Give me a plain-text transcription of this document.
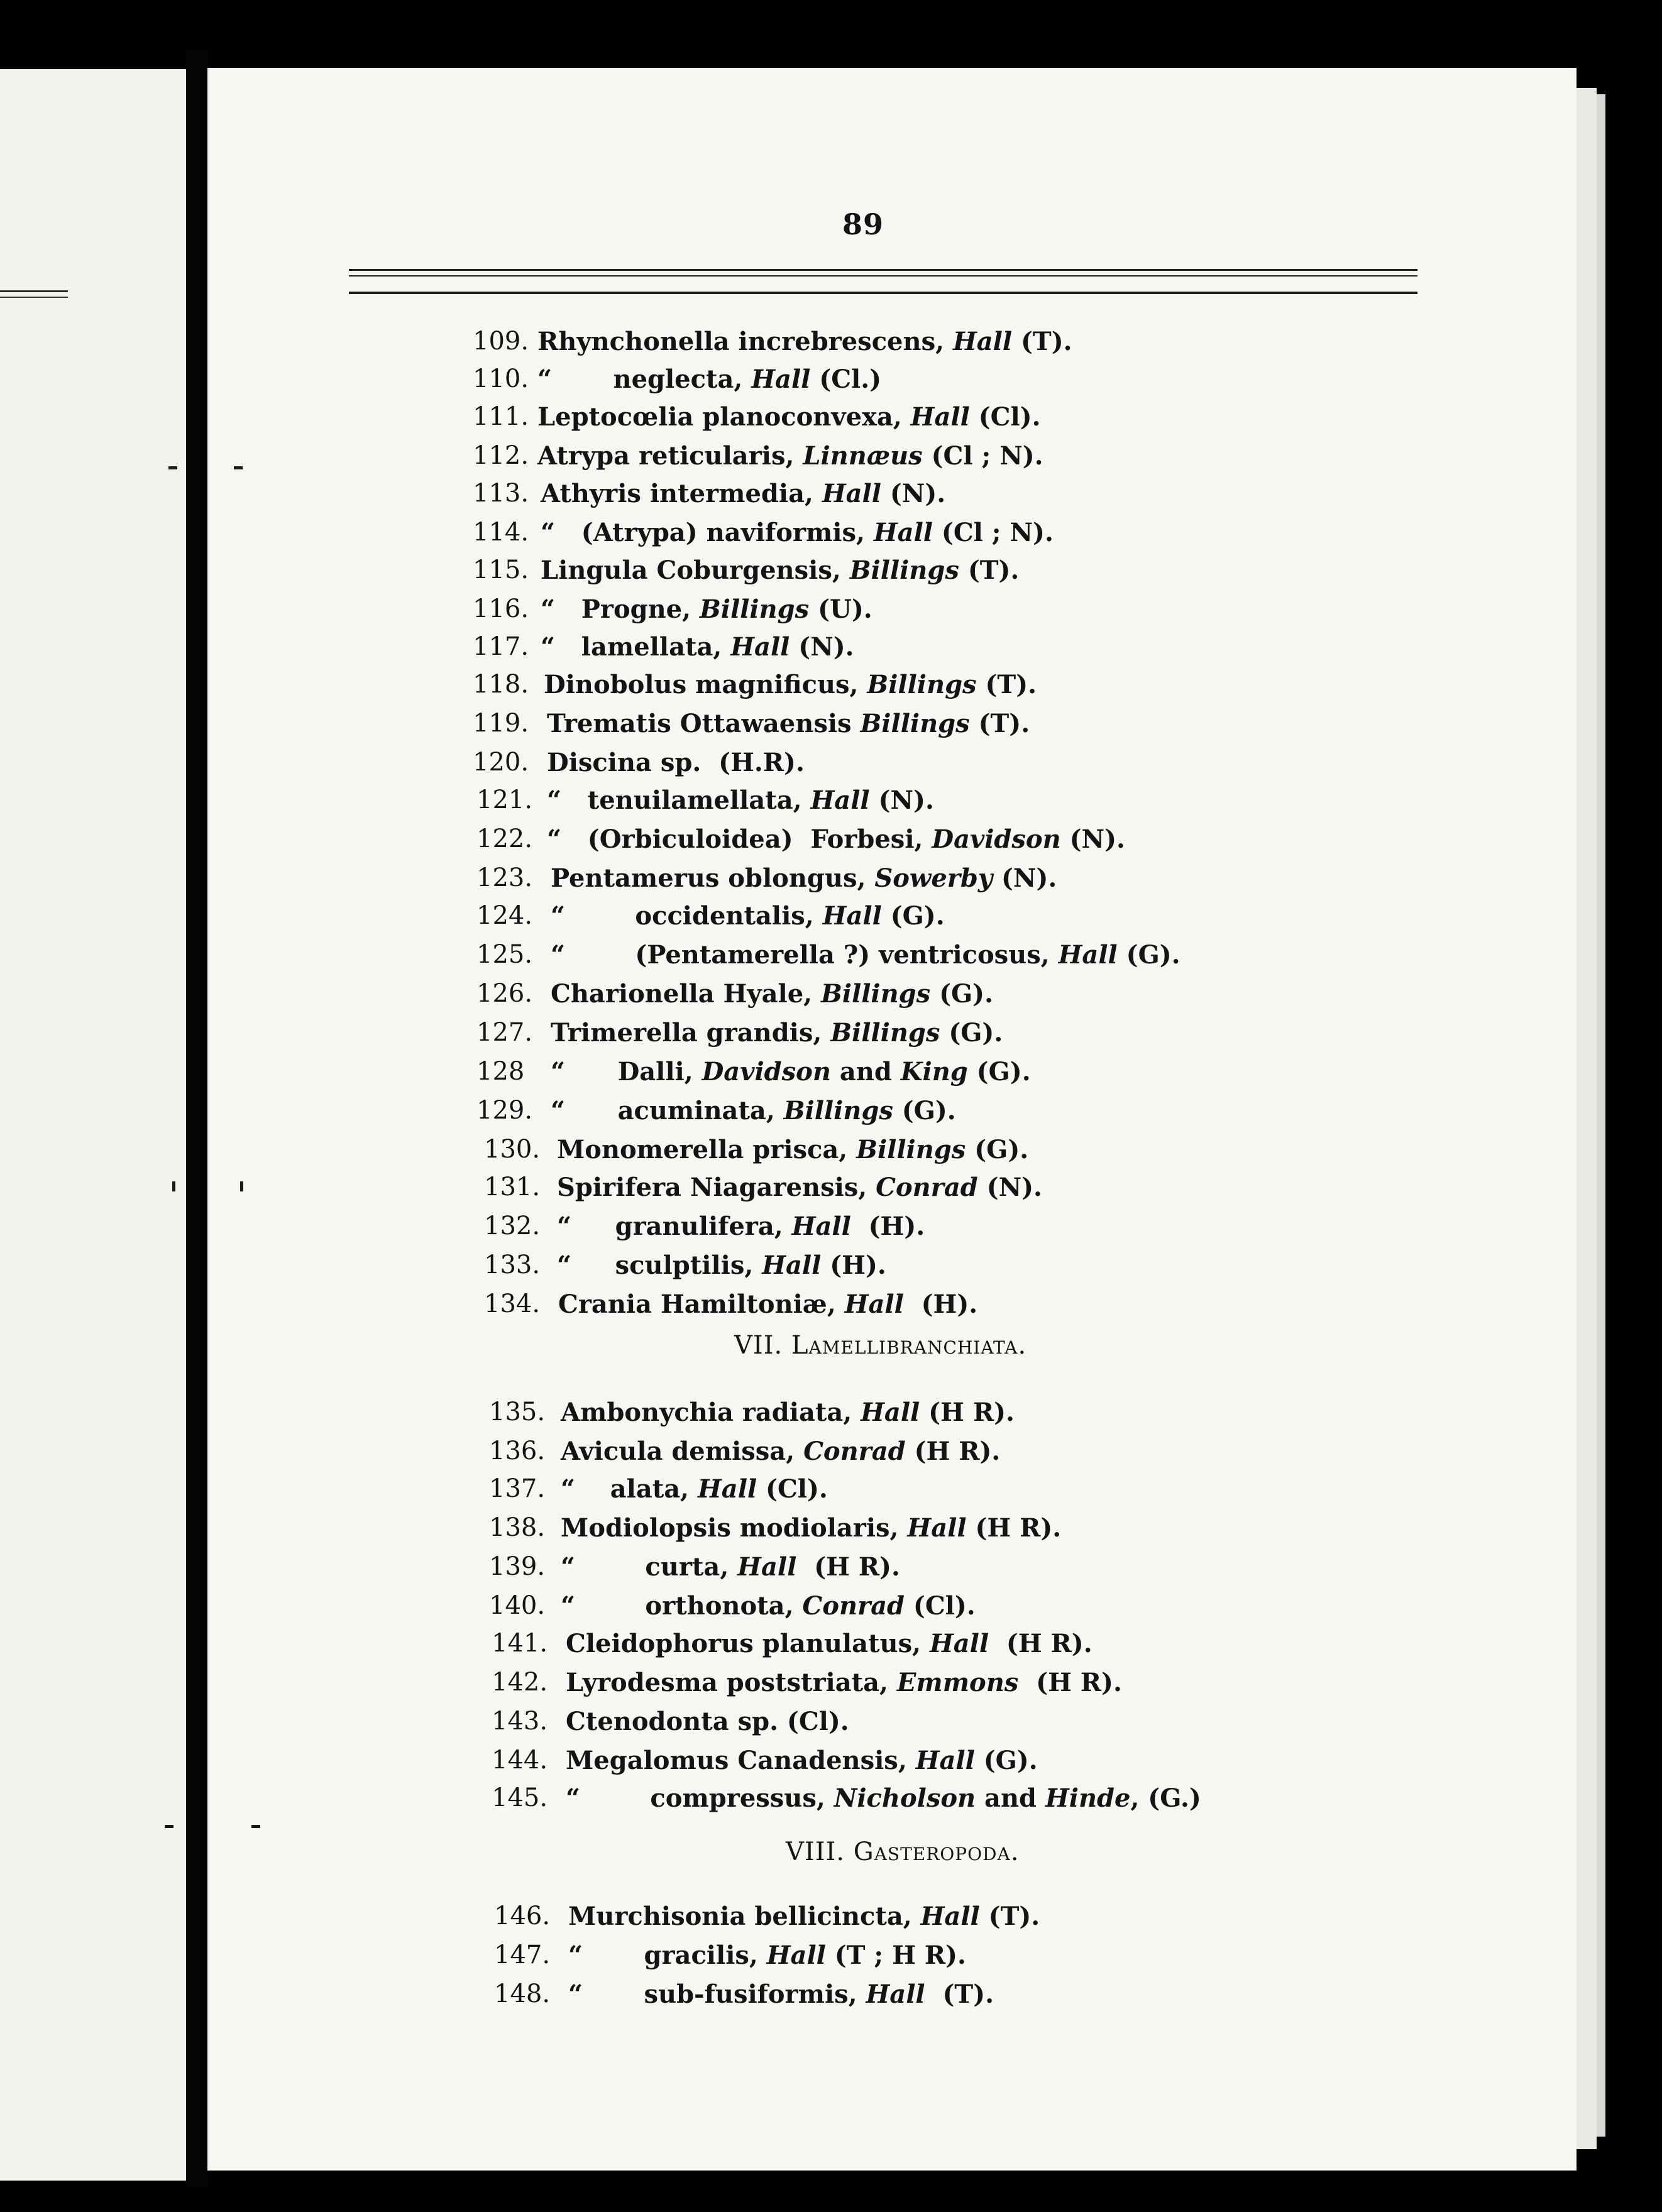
89
109. Rhynchonella increbrescens, Hall (T).
110. “       neglecta, Hall (Cl.)
111. Leptocœlia planoconvexa, Hall (Cl).
112. Atrypa reticularis, Linnæus (Cl ; N).
113. Athyris intermedia, Hall (N).
114. “   (Atrypa) naviformis, Hall (Cl ; N).
115. Lingula Coburgensis, Billings (T).
116. “   Progne, Billings (U).
117. “   lamellata, Hall (N).
118. Dinobolus magnificus, Billings (T).
119. Trematis Ottawaensis Billings (T).
120. Discina sp.  (H.R).
121. “   tenuilamellata, Hall (N).
122. “   (Orbiculoidea)  Forbesi, Davidson (N).
123. Pentamerus oblongus, Sowerby (N).
124. “        occidentalis, Hall (G).
125. “        (Pentamerella ?) ventricosus, Hall (G).
126. Charionella Hyale, Billings (G).
127. Trimerella grandis, Billings (G).
128 “      Dalli, Davidson and King (G).
129. “      acuminata, Billings (G).
130. Monomerella prisca, Billings (G).
131. Spirifera Niagarensis, Conrad (N).
132. “     granulifera, Hall  (H).
133. “     sculptilis, Hall (H).
134. Crania Hamiltoniæ, Hall  (H).
135. Ambonychia radiata, Hall (H R).
136. Avicula demissa, Conrad (H R).
137. “    alata, Hall (Cl).
138. Modiolopsis modiolaris, Hall (H R).
139. “        curta, Hall  (H R).
140. “        orthonota, Conrad (Cl).
141. Cleidophorus planulatus, Hall  (H R).
142. Lyrodesma poststriata, Emmons  (H R).
143. Ctenodonta sp. (Cl).
144. Megalomus Canadensis, Hall (G).
145. “        compressus, Nicholson and Hinde, (G.)
146. Murchisonia bellicincta, Hall (T).
147. “       gracilis, Hall (T ; H R).
148. “       sub-fusiformis, Hall  (T).
VII. Lamellibranchiata.
VIII. Gasteropoda.
